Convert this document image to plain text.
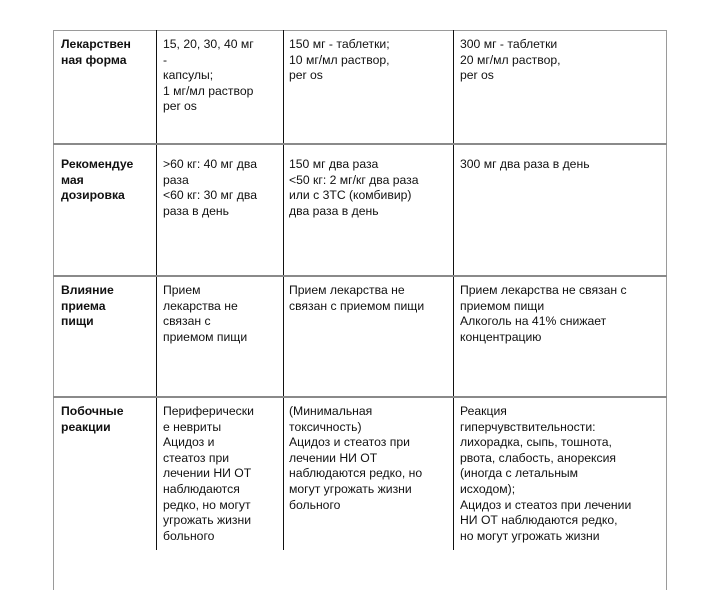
Лекарствен
ная форма
15, 20, 30, 40 мг
-
капсулы;
1 мг/мл раствор
per os
150 мг - таблетки;
10 мг/мл раствор,
per os
300 мг - таблетки
20 мг/мл раствор,
per os
Рекомендуе
мая
дозировка
>60 кг: 40 мг два
раза
<60 кг: 30 мг два
раза в день
150 мг два раза
<50 кг: 2 мг/кг два раза
или с 3ТС (комбивир)
два раза в день
300 мг два раза в день
Влияние
приема
пищи
Прием
лекарства не
связан с
приемом пищи
Прием лекарства не
связан с приемом пищи
Прием лекарства не связан с
приемом пищи
Алкоголь на 41% снижает
концентрацию
Побочные
реакции
Периферически
е невриты
Ацидоз и
стеатоз при
лечении НИ ОТ
наблюдаются
редко, но могут
угрожать жизни
больного
(Минимальная
токсичность)
Ацидоз и стеатоз при
лечении НИ ОТ
наблюдаются редко, но
могут угрожать жизни
больного
Реакция
гиперчувствительности:
лихорадка, сыпь, тошнота,
рвота, слабость, анорексия
(иногда с летальным
исходом);
Ацидоз и стеатоз при лечении
НИ ОТ наблюдаются редко,
но могут угрожать жизни
